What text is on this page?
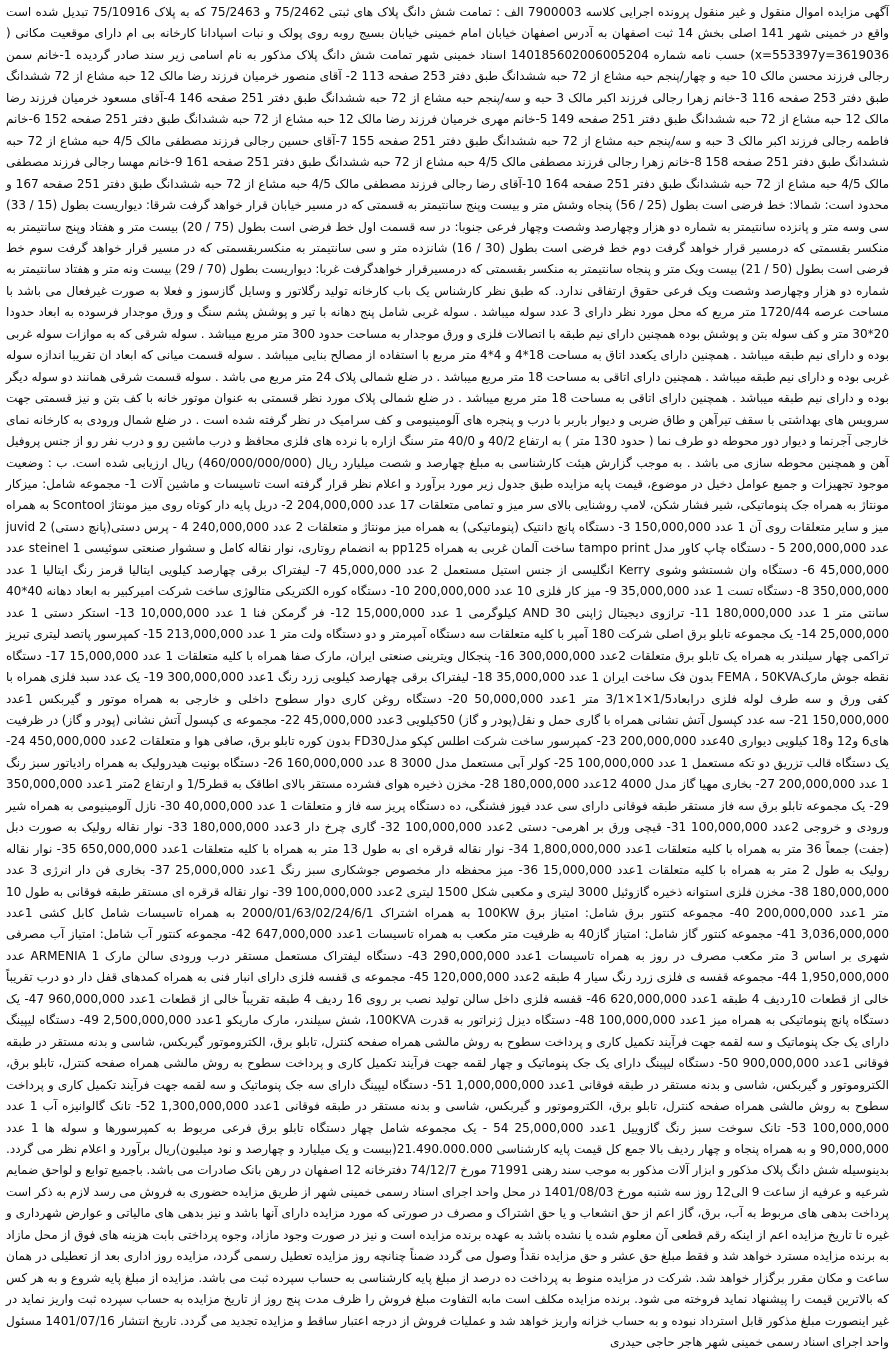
آگهی مزایده اموال منقول و غیر منقول پرونده اجرایی کلاسه 7900003 الف : تمامت شش دانگ پلاک های ثبتی 75/2462 و 75/2463 که به پلاک 75/10916 تبدیل شده است واقع در خمینی شهر 141 اصلی بخش 14 ثبت اصفهان به آدرس اصفهان خیابان امام خمینی خیابان بسیج روبه روی پولک و نبات اسپادانا کارخانه بی ام دارای موقعیت مکانی ( x=553397y=3619036) حسب نامه شماره 140185602006005204 اسناد خمینی شهر تمامت شش دانگ پلاک مذکور به نام اسامی زیر سند صادر گردیده 1-خانم سمن رجالی فرزند محسن مالک 10 حبه و چهار/پنجم حبه مشاع از 72 حبه ششدانگ طبق دفتر 253 صفحه 113 2- آقای منصور خرمیان فرزند رضا مالک 12 حبه مشاع از 72 ششدانگ طبق دفتر 253 صفحه 116 3-خانم زهرا رجالی فرزند اکبر مالک 3 حبه و سه/پنجم حبه مشاع از 72 حبه ششدانگ طبق دفتر 251 صفحه 146 4-آقای مسعود خرمیان فرزند رضا مالک 12 حبه مشاع از 72 حبه ششدانگ طبق دفتر 251 صفحه 149 5-خانم مهری خرمیان فرزند رضا مالک 12 حبه مشاع از 72 حبه ششدانگ طبق دفتر 251 صفحه 152 6-خانم فاطمه رجالی فرزند اکبر مالک 3 حبه و سه/پنجم حبه مشاع از 72 حبه ششدانگ طبق دفتر 251 صفحه 155 7-آقای حسین رجالی فرزند مصطفی مالک 4/5 حبه مشاع از 72 حبه ششدانگ طبق دفتر 251 صفحه 158 8-خانم زهرا رجالی فرزند مصطفی مالک 4/5 حبه مشاع از 72 حبه ششدانگ طبق دفتر 251 صفحه 161 9-خانم مهسا رجالی فرزند مصطفی مالک 4/5 حبه مشاع از 72 حبه ششدانگ طبق دفتر 251 صفحه 164 10-آقای رضا رجالی فرزند مصطفی مالک 4/5 حبه مشاع از 72 حبه ششدانگ طبق دفتر 251 صفحه 167 و محدود است: شمالا: خط فرضی است بطول (25 / 56) پنجاه وشش متر و بیست وپنج سانتیمتر به قسمتی که در مسیر خیابان قرار خواهد گرفت شرقا: دیواریست بطول (15 / 33) سی وسه متر و پانزده سانتیمتر به شماره دو هزار وچهارصد وشصت وچهار فرعی جنوبا: در سه قسمت اول خط فرضی است بطول (75 / 20) بیست متر و هفتاد وپنج سانتیمتر به منکسر بقسمتی که درمسیر قرار خواهد گرفت دوم خط فرضی است بطول (30 / 16) شانزده متر و سی سانتیمتر به منکسربقسمتی که در مسیر قرار خواهد گرفت سوم خط فرضی است بطول (50 / 21) بیست ویک متر و پنجاه سانتیمتر به منکسر بقسمتی که درمسیرقرار خواهدگرفت غربا: دیواریست بطول (70 / 29) بیست ونه متر و هفتاد سانتیمتر به شماره دو هزار وچهارصد وشصت ویک فرعی حقوق ارتفاقی ندارد. که طبق نظر کارشناس یک باب کارخانه تولید رگلاتور و وسایل گازسوز و فعلا به صورت غیرفعال می باشد با مساحت عرصه 1720/44 متر مربع که محل مورد نظر دارای 3 عدد سوله میباشد . سوله غربی شامل پنج دهانه با تیر و پوشش پشم سنگ و ورق موجدار فرسوده به ابعاد حدودا 20*30 متر و کف سوله بتن و پوشش بوده همچنین دارای نیم طبقه با اتصالات فلزی و ورق موجدار به مساحت حدود 300 متر مربع میباشد . سوله شرقی که به موازات سوله غربی بوده و دارای نیم طبقه میباشد . همچنین دارای یکعدد اتاق به مساحت 18*4 و 4*4 متر مربع با استفاده از مصالح بنایی میباشد . سوله قسمت میانی که ابعاد ان تقریبا اندازه سوله غربی بوده و دارای نیم طبقه میباشد . همچنین دارای اتاقی به مساحت 18 متر مربع میباشد . در ضلع شمالی پلاک 24 متر مربع می باشد . سوله قسمت شرقی همانند دو سوله دیگر بوده و دارای نیم طبقه میباشد . همچنین دارای اتاقی به مساحت 18 متر مربع میباشد . در ضلع شمالی پلاک مورد نظر قسمتی به عنوان موتور خانه با کف بتن و نیز قسمتی جهت سرویس های بهداشتی با سقف تیرآهن و طاق ضربی و دیوار باربر با درب و پنجره های آلومینیومی و کف سرامیک در نظر گرفته شده است . در ضلع شمال ورودی به کارخانه نمای خارجی آجرنما و دیوار دور محوطه دو طرف نما ( حدود 130 متر ) به ارتفاع 40/2 و 40/0 متر سنگ ازاره با نرده های فلزی محافظ و درب ماشین رو و درب نفر رو از جنس پروفیل آهن و همچنین محوطه سازی می باشد . به موجب گزارش هیئت کارشناسی به مبلغ چهارصد و شصت میلیارد ریال (460/000/000/000) ریال ارزیابی شده است. ب : وضعیت موجود تجهیزات و جمیع عوامل دخیل در موضوع، قیمت پایه مزایده طبق جدول زیر مورد برآورد و اعلام نظر قرار گرفته است تاسیسات و ماشین آلات 1- مجموعه شامل: میزکار مونتاژ به همراه جک پنوماتیکی، شیر فشار شکن، لامپ روشنایی بالای سر میز و تمامی متعلقات 17 عدد 204,000,000 2- دریل پایه دار کوتاه روی میز مونتاژ Scontool به همراه میز و سایر متعلقات روی آن 1 عدد 150,000,000 3- دستگاه پانچ دانتیک (پنوماتیکی) به همراه میز مونتاژ و متعلقات 2 عدد 240,000,000 4 - پرس دستی(پانچ دستی) juvid 2 عدد 200,000,000 5 - دستگاه چاپ کاور مدل tampo print ساخت آلمان غربی به همراه pp125 به انضمام روتاری، نوار نقاله کامل و سشوار صنعتی سوئیسی steinel 1 عدد 45,000,000 6- دستگاه وان شستشو وشوی Kerry انگلیسی از جنس استیل مستعمل 2 عدد 45,000,000 7- لیفتراک برقی چهارصد کیلویی ایتالیا قرمز رنگ ایتالیا 1 عدد 350,000,000 8- دستگاه تست 1 عدد 35,000,000 9- میز کار فلزی 10 عدد 200,000,000 10- دستگاه کوره الکتریکی متالوژی ساخت شرکت امیرکبیر به ابعاد دهانه 40*40 سانتی متر 1 عدد 180,000,000 11- ترازوی دیجیتال ژاپنی AND 30 کیلوگرمی 1 عدد 15,000,000 12- فر گرمکن فنا 1 عدد 10,000,000 13- استکر دستی 1 عدد 25,000,000 14- یک مجموعه تابلو برق اصلی شرکت 180 آمپر با کلیه متعلقات سه دستگاه آمپرمتر و دو دستگاه ولت متر 1 عدد 213,000,000 15- کمپرسور پاتصد لیتری تبریز تراکمی چهار سیلندر به همراه یک تابلو برق متعلقات 2عدد 300,000,000 16- پنجکال ویترینی صنعتی ایران، مارک صفا همراه با کلیه متعلقات 1 عدد 15,000,000 17- دستگاه نقطه جوش مارکFEMA ، 50KVA بدون فک ساخت ایران 1 عدد 35,000,000 18- لیفتراک برقی چهارصد کیلویی زرد رنگ 1عدد 300,000,000 19- یک عدد سبد فلزی همراه با کفی ورق و سه طرف لوله فلزی درابعاد1/5×1×3/1 متر 1عدد 50,000,000 20- دستگاه روغن کاری دوار سطوح داخلی و خارجی به همراه موتور و گیربکس 1عدد 150,000,000 21- سه عدد کپسول آتش نشانی همراه با گاری حمل و نقل(پودر و گاز) 50کیلویی 3عدد 45,000,000 22- مجموعه ی کپسول آتش نشانی (پودر و گاز) در ظرفیت های6 و12 و18 کیلویی دیواری 40عدد 200,000,000 23- کمپرسور ساخت شرکت اطلس کپکو مدلFD30 بدون کوره تابلو برق، صافی هوا و متعلقات 2عدد 450,000,000 24- یک دستگاه قالب تزریق دو تکه مستعمل 1 عدد 100,000,000 25- کولر آبی مستعمل مدل 3000 8 عدد 160,000,000 26- دستگاه بونیت هیدرولیک به همراه رادیاتور سبز رنگ 1 عدد 200,000,000 27- بخاری مهیا گاز مدل 4000 12عدد 180,000,000 28- مخزن ذخیره هوای فشرده مستقر بالای اطاقک به قطر1/5 و ارتفاع 2متر 1عدد 350,000,000 29- یک مجموعه تابلو برق سه فاز مستقر طبقه فوقانی دارای سی عدد فیوز فشنگی، ده دستگاه پریز سه فاز و متعلقات 1 عدد 40,000,000 30- نازل آلومینیومی به همراه شیر ورودی و خروجی 2عدد 100,000,000 31- قیچی ورق بر اهرمی- دستی 2عدد 100,000,000 32- گاری چرخ دار 3عدد 180,000,000 33- نوار نقاله رولیک به صورت دبل (جفت) جمعاً 36 متر به همراه با کلیه متعلقات 1عدد 1,800,000,000 34- نوار نقاله قرقره ای به طول 13 متر به همراه با کلیه متعلقات 1عدد 650,000,000 35- نوار نقاله رولیک به طول 2 متر به همراه با کلیه متعلقات 1عدد 15,000,000 36- میز محفظه دار مخصوص جوشکاری سبز رنگ 1عدد 25,000,000 37- بخاری فن دار انرژی 3 عدد 180,000,000 38- مخزن فلزی استوانه ذخیره گازوئیل 3000 لیتری و مکعبی شکل 1500 لیتری 2عدد 100,000,000 39- نوار نقاله قرقره ای مستقر طبقه فوقانی به طول 10 متر 1عدد 200,000,000 40- مجموعه کنتور برق شامل: امتیاز برق 100KW به همراه اشتراک 2000/01/63/02/24/6/1 به همراه تاسیسات شامل کابل کشی 1عدد 3,036,000,000 41- مجموعه کنتور گاز شامل: امتیاز گاز40 به ظرفیت متر مکعب به همراه تاسیسات 1عدد 647,000,000 42- مجموعه کنتور آب شامل: امتیاز آب مصرفی شهری بر اساس 3 متر مکعب مصرف در روز به همراه تاسیسات 1عدد 290,000,000 43- دستگاه لیفتراک مستعمل مستقر درب ورودی سالن مارک ARMENIA 1 عدد 1,950,000,000 44- مجموعه قفسه ی فلزی زرد رنگ سیار 4 طبقه 2عدد 120,000,000 45- مجموعه ی قفسه فلزی دارای انبار فنی به همراه کمدهای قفل دار دو درب تقریباً خالی از قطعات 10ردیف 4 طبقه 1عدد 620,000,000 46- قفسه فلزی داخل سالن تولید نصب بر روی 16 ردیف 4 طبقه تقریباً خالی از قطعات 1عدد 960,000,000 47- یک دستگاه پانچ پنوماتیکی به همراه میز 1عدد 100,000,000 48- دستگاه دیزل ژنراتور به قدرت 100KVA، شش سیلندر، مارک ماریکو 1عدد 2,500,000,000 49- دستگاه لیپینگ دارای یک جک پنوماتیک و سه لقمه جهت فرآیند تکمیل کاری و پرداخت سطوح به روش مالشی همراه صفحه کنترل، تابلو برق، الکتروموتور گیربکس، شاسی و بدنه مستقر در طبقه فوقانی 1عدد 900,000,000 50- دستگاه لیپینگ دارای یک جک پنوماتیک و چهار لقمه جهت فرآیند تکمیل کاری و پرداخت سطوح به روش مالشی همراه صفحه کنترل، تابلو برق، الکتروموتور و گیربکس، شاسی و بدنه مستقر در طبقه فوقانی 1عدد 1,000,000,000 51- دستگاه لیپینگ دارای سه جک پنوماتیک و سه لقمه جهت فرآیند تکمیل کاری و پرداخت سطوح به روش مالشی همراه صفحه کنترل، تابلو برق، الکتروموتور و گیربکس، شاسی و بدنه مستقر در طبقه فوقانی 1عدد 1,300,000,000 52- تانک گالوانیزه آب 1 عدد 100,000,000 53- تانک سوخت سبز رنگ گازوییل 1عدد 25,000,000 54 - یک مجموعه شامل چهار دستگاه تابلو برق فرعی مربوط به کمپرسورها و سوله ها 1 عدد 90,000,000 و به همراه پنجاه و چهار ردیف بالا جمع کل قیمت پایه کارشناسی 21.490.000.000(بیست و یک میلیارد و چهارصد و نود میلیون)ریال برآورد و اعلام نظر می گردد. بدینوسیله شش دانگ پلاک مذکور و ابزار آلات مذکور به موجب سند رهنی 71991 مورخ 74/12/7 دفترخانه 12 اصفهان در رهن بانک صادرات می باشد. باجمیع توابع و لواحق ضمایم شرعیه و عرفیه از ساعت 9 الی12 روز سه شنبه مورخ 1401/08/03 در محل واحد اجرای اسناد رسمی خمینی شهر از طریق مزایده حضوری به فروش می رسد لازم به ذکر است پرداخت بدهی های مربوط به آب، برق، گاز اعم از حق انشعاب و یا حق اشتراک و مصرف در صورتی که مورد مزایده دارای آنها باشد و نیز بدهی های مالیاتی و عوارض شهرداری و غیره تا تاریخ مزایده اعم از اینکه رقم قطعی آن معلوم شده یا نشده باشد به عهده برنده مزایده است و نیز در صورت وجود مازاد، وجوه پرداختی بابت هزینه های فوق از محل مازاد به برنده مزایده مسترد خواهد شد و فقط مبلغ حق عشر و حق مزایده نقداً وصول می گردد ضمناً چنانچه روز مزایده تعطیل رسمی گردد، مزایده روز اداری بعد از تعطیلی در همان ساعت و مکان مقرر برگزار خواهد شد. شرکت در مزایده منوط به پرداخت ده درصد از مبلغ پایه کارشناسی به حساب سپرده ثبت می باشد. مزایده از مبلغ پایه شروع و به هر کس که بالاترین قیمت را پیشنهاد نماید فروخته می شود. برنده مزایده مکلف است مابه التفاوت مبلغ فروش را ظرف مدت پنج روز از تاریخ مزایده به حساب سپرده ثبت واریز نماید در غیر اینصورت مبلغ مذکور قابل استرداد نبوده و به حساب خزانه واریز خواهد شد و عملیات فروش از درجه اعتبار ساقط و مزایده تجدید می گردد. تاریخ انتشار 1401/07/16 مسئول واحد اجرای اسناد رسمی خمینی شهر هاجر حاجی حیدری
